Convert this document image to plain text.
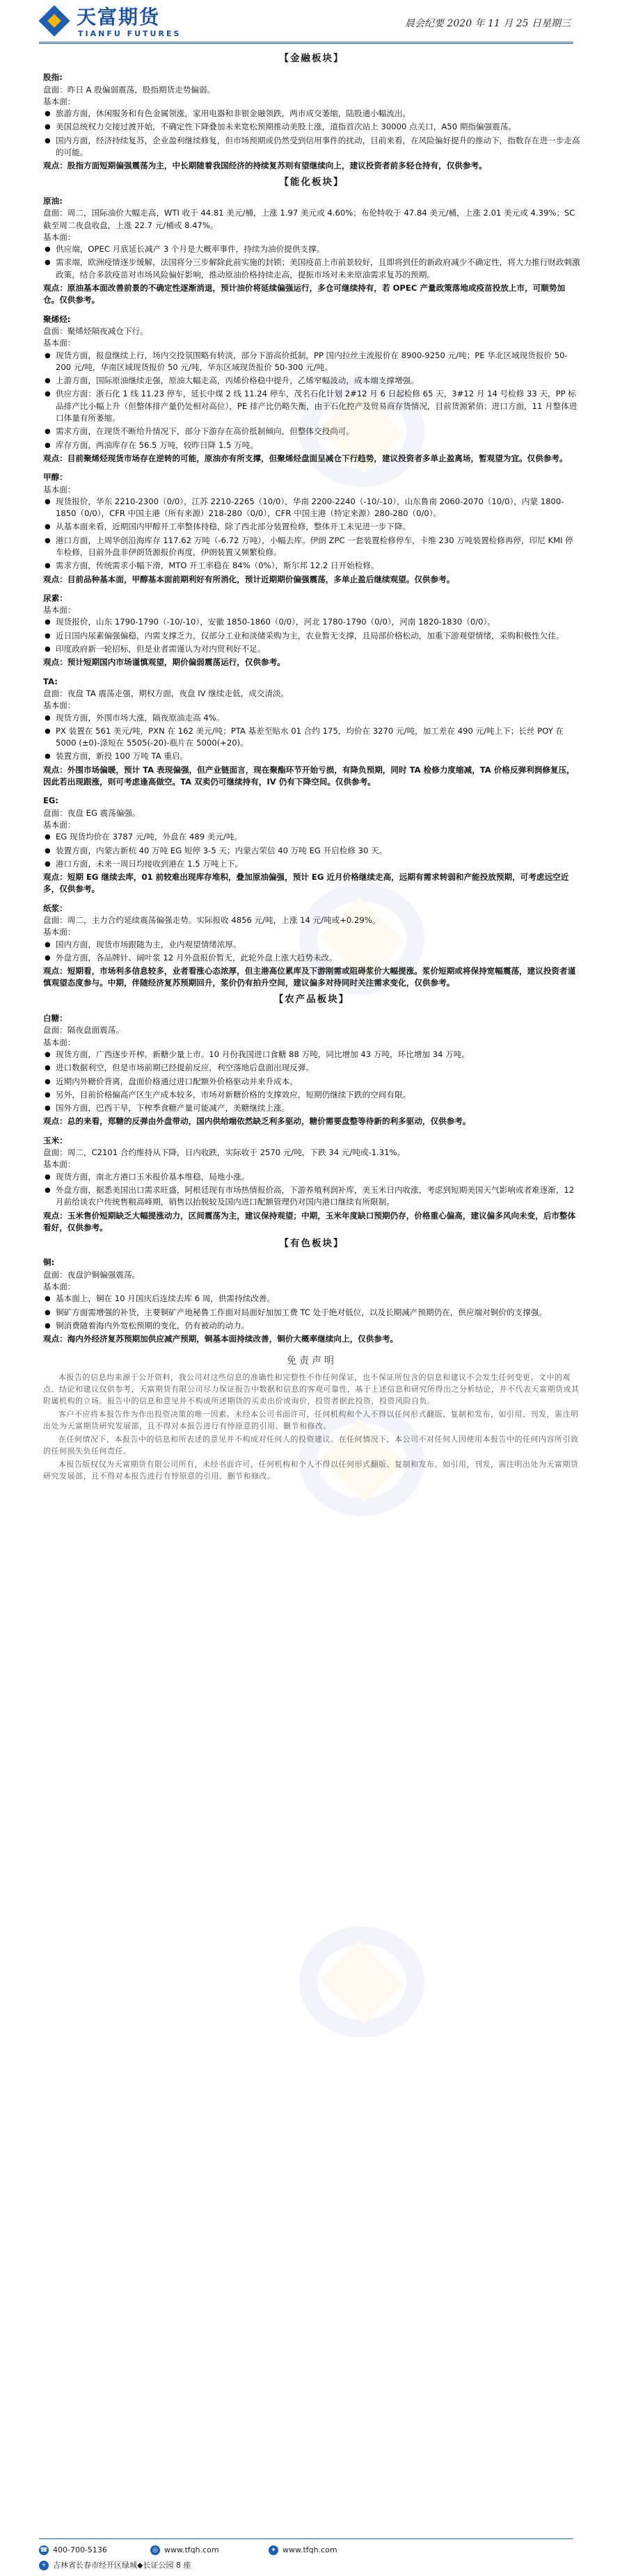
天富期货
TIANFU FUTURES
晨会纪要 2020 年 11 月 25 日星期三
【金融板块】
股指:
盘面：昨日 A 股偏弱震荡，股指期货走势偏弱。
基本面：
● 旅游方面，休闲服务和有色金属领涨，家用电器和非银金融领跌，两市成交萎缩，陆股通小幅流出。
● 美国总统权力交接过渡开始，不确定性下降叠加未来宽松预期推动美股上涨，道指首次站上 30000 点关口，A50 期指偏强震荡。
● 国内方面，经济持续复苏，企业盈利继续修复，但市场预期或仍然受到信用事件的扰动，目前来看，在风险偏好提升的推动下，指数存在进一步走高的可能。
观点：股指方面短期偏强震荡为主，中长期随着我国经济的持续复苏则有望继续向上，建议投资者前多轻仓持有，仅供参考。
【能化板块】
原油:
盘面：周二，国际油价大幅走高，WTI 收于 44.81 美元/桶，上涨 1.97 美元或 4.60%；布伦特收于 47.84 美元/桶，上涨 2.01 美元或 4.39%；SC 截至周二夜盘收盘，上涨 22.7 元/桶或 8.47%。
基本面：
● 供应端，OPEC 月底延长减产 3 个月是大概率事件，持续为油价提供支撑。
● 需求端，欧洲疫情逐步缓解，法国将分三步解除此前实施的封锁；美国疫苗上市前景较好，且即将到任的新政府减少不确定性，将大力推行财政刺激政策，结合多款疫苗对市场风险偏好影响，推动原油价格持续走高，提振市场对未来原油需求复苏的预期。
观点：原油基本面改善前景的不确定性逐渐消退，预计油价将延续偏强运行，多仓可继续持有，若 OPEC 产量政策落地或疫苗投放上市，可顺势加仓。仅供参考。
聚烯烃:
盘面：聚烯烃隔夜减仓下行。
基本面：
● 现货方面，报盘继续上行，场内交投氛围略有转淡，部分下游高价抵制，PP 国内拉丝主流报价在 8900-9250 元/吨；PE 华北区域现货报价 50-200 元/吨，华南区域现货报价 50 元/吨，华东区域现货报价 50-300 元/吨。
● 上游方面，国际原油继续走强，原油大幅走高，丙烯价格稳中提升，乙烯窄幅波动，成本端支撑增强。
● 供应方面：浙石化 1 线 11.23 停车，延长中煤 2 线 11.24 停车，茂名石化计划 2#12 月 6 日起检修 65 天，3#12 月 14 号检修 33 天，PP 标品排产比小幅上升（但整体排产量仍处相对高位），PE 排产比仍略失衡，由于石化控产及贸易商存货情况，目前货源紧俏；进口方面，11 月整体进口体量有所萎缩。
● 需求方面，在现货不断给升情况下，部分下游存在高价抵制倾向，但整体交投尚可。
● 库存方面，两油库存在 56.5 万吨，较昨日降 1.5 万吨。
观点：目前聚烯烃现货市场存在逆转的可能，原油亦有所支撑，但聚烯烃盘面呈减仓下行趋势，建议投资者多单止盈离场，暂观望为宜。仅供参考。
甲醇：
基本面：
● 现货报价，华东 2210-2300（0/0），江苏 2210-2265（10/0），华南 2200-2240（-10/-10），山东鲁南 2060-2070（10/0），内蒙 1800-1850（0/0），CFR 中国主港（所有来源）218-280（0/0），CFR 中国主港（特定来源）280-280（0/0）。
● 从基本面来看，近期国内甲醇开工率整体持稳，除了西北部分装置检修，整体开工未见进一步下降。
● 港口方面，上周华创沿海库存 117.62 万吨（-6.72 万吨），小幅去库。伊朗 ZPC 一套装置检修停车，卡维 230 万吨装置检修再停，印尼 KMI 停车检修，目前外盘非伊朗货源报价再度，伊朗装置又频繁检修。
● 需求方面，传统需求小幅下滑，MTO 开工率稳在 84%（0%），斯尔邦 12.2 日开始检修。
观点：目前品种基本面，甲醇基本面前期利好有所消化，预计近期期价偏强震荡，多单止盈后继续观望。仅供参考。
尿素：
基本面：
● 现货报价，山东 1790-1790（-10/-10），安徽 1850-1860（0/0），河北 1780-1790（0/0），河南 1820-1830（0/0）。
● 近日国内尿素偏强偏稳，内需支撑乏力，仅部分工业和淡储采购为主，农业暂无支撑，且局部价格松动，加重下游观望情绪，采购积极性欠佳。
● 印度政府新一轮招标，但是业者需谨认为对内贸利好不足。
观点：预计短期国内市场谨慎观望，期价偏弱震荡运行，仅供参考。
TA:
盘面：夜盘 TA 震荡走强，期权方面，夜盘 IV 继续走低，成交清淡。
基本面：
● 现货方面，外围市场大涨，隔夜原油走高 4%。
● PX 装置在 561 美元/吨，PXN 在 162 美元/吨；PTA 基差至贴水 01 合约 175，均价在 3270 元/吨，加工差在 490 元/吨上下；长丝 POY 在 5000 (±0)-涤短在 5505(-20)-瓶片在 5000(+20)。
● 装置方面，新投 100 万吨 TA 重启。
观点：外围市场偏暖，预计 TA 表现偏强，但产业链面言，现在聚酯环节开始亏损，有降负预期，同时 TA 检修力度缩减，TA 价格反弹利润修复压，因此若出现跟涨，则可考虑逢高做空。TA 双卖仍可继续持有，IV 仍有下降空间。仅供参考。
EG:
盘面：夜盘 EG 震荡偏强。
基本面：
● EG 现货均价在 3787 元/吨，外盘在 489 美元/吨。
● 装置方面，内蒙古新杭 40 万吨 EG 短停 3-5 天；内蒙古荣信 40 万吨 EG 开启检修 30 天。
● 港口方面，未来一周日均接收到港在 1.5 万吨上下。
观点：短期 EG 继续去库，01 前较难出现库存堆积，叠加原油偏强，预计 EG 近月价格继续走高，远期有需求转弱和产能投放预期，可考虑远空近多，仅供参考。
纸浆：
盘面：周二，主力合约延续震荡偏强走势。实际报收 4856 元/吨，上涨 14 元/吨或+0.29%。
基本面：
● 国内方面，现货市场跟随为主，业内观望情绪浓厚。
● 外盘方面，各品牌针、阔叶浆 12 月外盘报价暂无，此轮外盘上涨大趋势未改。
观点：短期看，市场利多信息较多，业者看涨心态浓厚，但主港高位累库及下游刚需或阻碍浆价大幅提涨。浆价短期或将保持宽幅震荡，建议投资者谨慎观望态度参与。中期，伴随经济复苏预期回升，浆价仍有拍升空间，建议偏多对待同时关注需求变化，仅供参考。
【农产品板块】
白糖：
盘面：隔夜盘面震荡。
基本面：
● 现货方面，广西逐步开榨。新糖少量上市。10 月份我国进口食糖 88 万吨，同比增加 43 万吨，环比增加 34 万吨。
● 进口数据利空，但是市场前期已经提前反应，利空落地后盘面出现反弹。
● 近期内外糖价背离，盘面价格通过进口配额外价格驱动并来升成本。
● 另外，目前价格偏高产区生产成本较多，市场对新糖价格的支撑效应，短期仍继续下跌的空间有限。
● 国外方面，巴西干早，下榨季食糖产量可能减产，美糖继续上涨。
观点：总的来看，郑糖的反弹由外盘带动，国内供给端依然缺乏利多驱动，糖价需要盘整等待新的利多驱动，仅供参考。
玉米：
盘面：周二，C2101 合约维持从下降，日内收跌，实际收于 2570 元/吨，下跌 34 元/吨或-1.31%。
基本面：
● 现货方面，南北方港口玉米报价基本维稳，局地小涨。
● 外盘方面，据悉美国出口需求旺盛，阿根廷现有市场热情报价高，下游养殖利润补库，美玉米日内收涨，考虑到短期美国天气影响或者难逐渐，12 月前给谈农户传统售粮高峰期，销售以抬脱较及国内进口配额管理仍对国内港口继续有所限制。
观点：玉米售价短期缺乏大幅提涨动力，区间震荡为主，建议保持观望；中期，玉米年度缺口预期仍存，价格重心偏高，建议偏多风向未变，后市整体看好，仅供参考。
【有色板块】
铜:
盘面：夜盘沪铜偏强震荡。
基本面：
● 基本面上，铜在 10 月国庆后连续去库 6 周，供需持续改善。
● 铜矿方面需增强的补货，主要铜矿产地秘鲁工作面对局面好加加工费 TC 处于绝对低位，以及长期减产预期仍在，供应端对铜价的支撑强。
● 铜消费随着海内外宽松预期的变化，仍有被动的动力。
观点：海内外经济复苏预期加供应减产预期，铜基本面持续改善，铜价大概率继续向上，仅供参考。
免责声明

本报告的信息均来源于公开资料，我公司对这些信息的准确性和完整性不作任何保证，也不保证所包含的信息和建议不会发生任何变更。文中的观点、结论和建议仅供参考，天富期货有限公司尽力保证报告中数据和信息的客观可靠性，基于上述信息和研究所得出之分析结论，并不代表天富期货或其附属机构的立场。报告中的信息和意见并不构成所述期货的买卖出价或询价，投资者据此投资，投资风险自负。

客户不应将本报告作为作出投资决策的唯一因素。未经本公司书面许可，任何机构和个人不得以任何形式翻版、复制和发布，如引用、刊发，需注明出处为天富期货研究发展部，且不得对本报告进行有悖原意的引用、删节和修改。

在任何情况下，本报告中的信息和所表述的意见并不构成对任何人的投资建议。在任何情况下，本公司不对任何人因使用本报告中的任何内容所引致的任何损失负任何责任。

本报告版权仅为天富期货有限公司所有，未经书面许可，任何机构和个人不得以任何形式翻版、复制和发布。如引用，刊发，需注明出处为天富期货研究发展部，且不得对本报告进行有悖原意的引用、删节和修改。

☎ 400-700-5136	◎ www.tfqh.com	✦ www.tfqh.com
⌖ 吉林省长春市经开区绿城◆长证公园 8 座
